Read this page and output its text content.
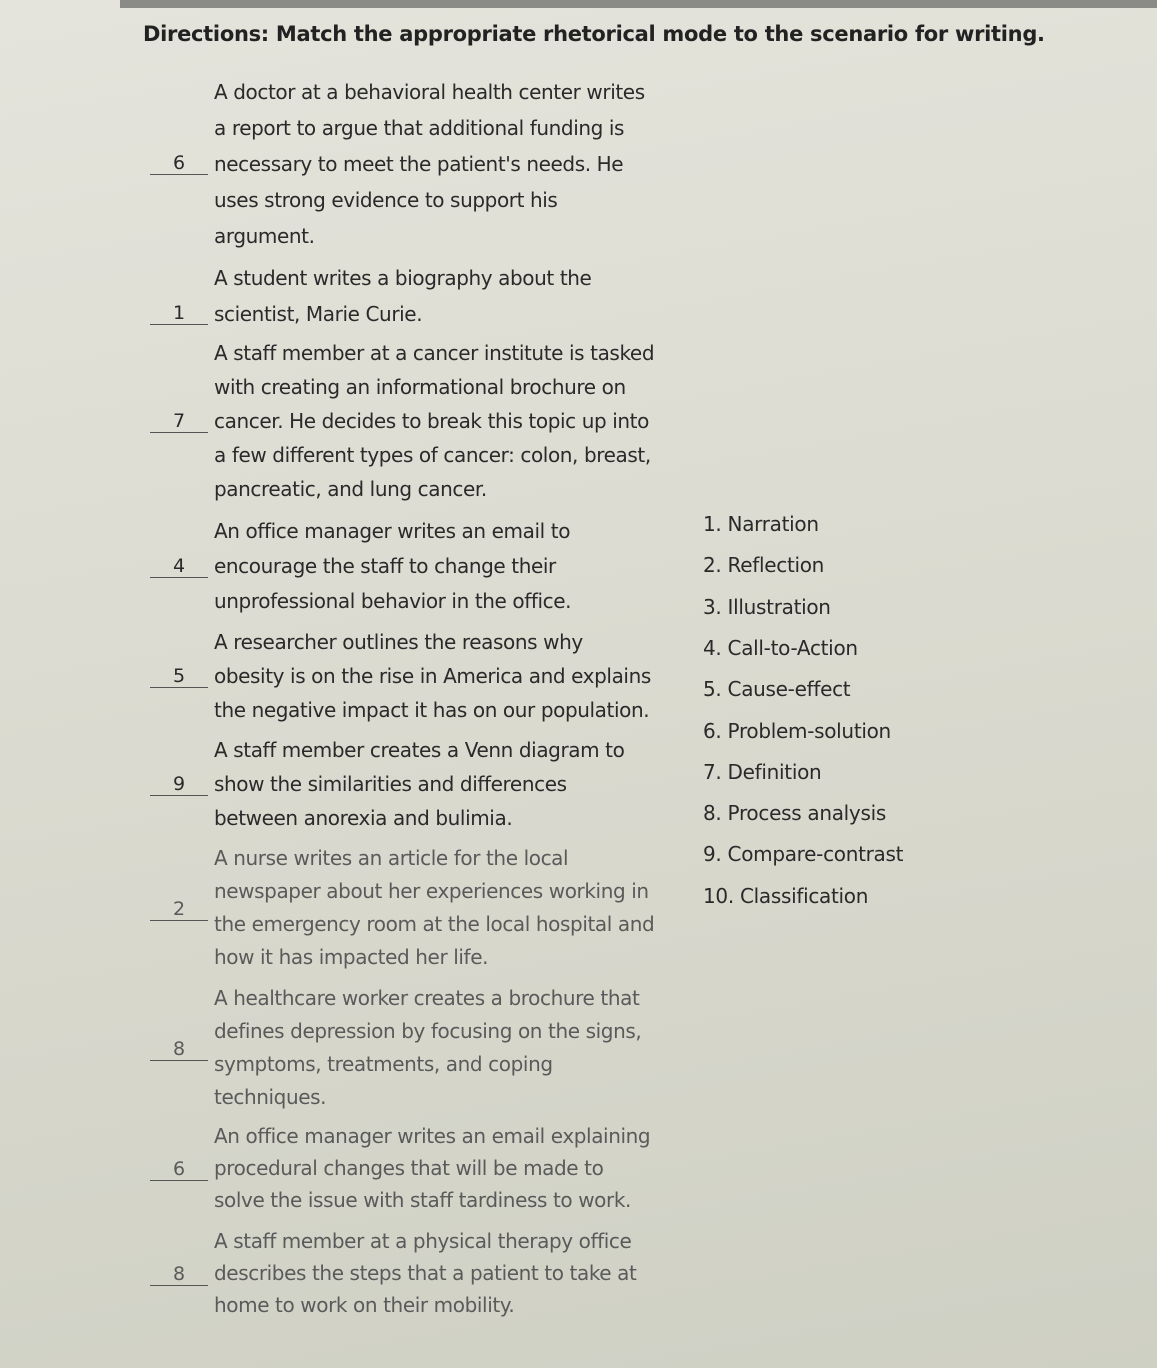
Directions: Match the appropriate rhetorical mode to the scenario for writing.
6
A doctor at a behavioral health center writes
a report to argue that additional funding is
necessary to meet the patient's needs. He
uses strong evidence to support his
argument.
1
A student writes a biography about the
scientist, Marie Curie.
7
A staff member at a cancer institute is tasked
with creating an informational brochure on
cancer. He decides to break this topic up into
a few different types of cancer: colon, breast,
pancreatic, and lung cancer.
4
An office manager writes an email to
encourage the staff to change their
unprofessional behavior in the office.
5
A researcher outlines the reasons why
obesity is on the rise in America and explains
the negative impact it has on our population.
9
A staff member creates a Venn diagram to
show the similarities and differences
between anorexia and bulimia.
2
A nurse writes an article for the local
newspaper about her experiences working in
the emergency room at the local hospital and
how it has impacted her life.
8
A healthcare worker creates a brochure that
defines depression by focusing on the signs,
symptoms, treatments, and coping
techniques.
6
An office manager writes an email explaining
procedural changes that will be made to
solve the issue with staff tardiness to work.
8
A staff member at a physical therapy office
describes the steps that a patient to take at
home to work on their mobility.
1. Narration
2. Reflection
3. Illustration
4. Call-to-Action
5. Cause-effect
6. Problem-solution
7. Definition
8. Process analysis
9. Compare-contrast
10. Classification
